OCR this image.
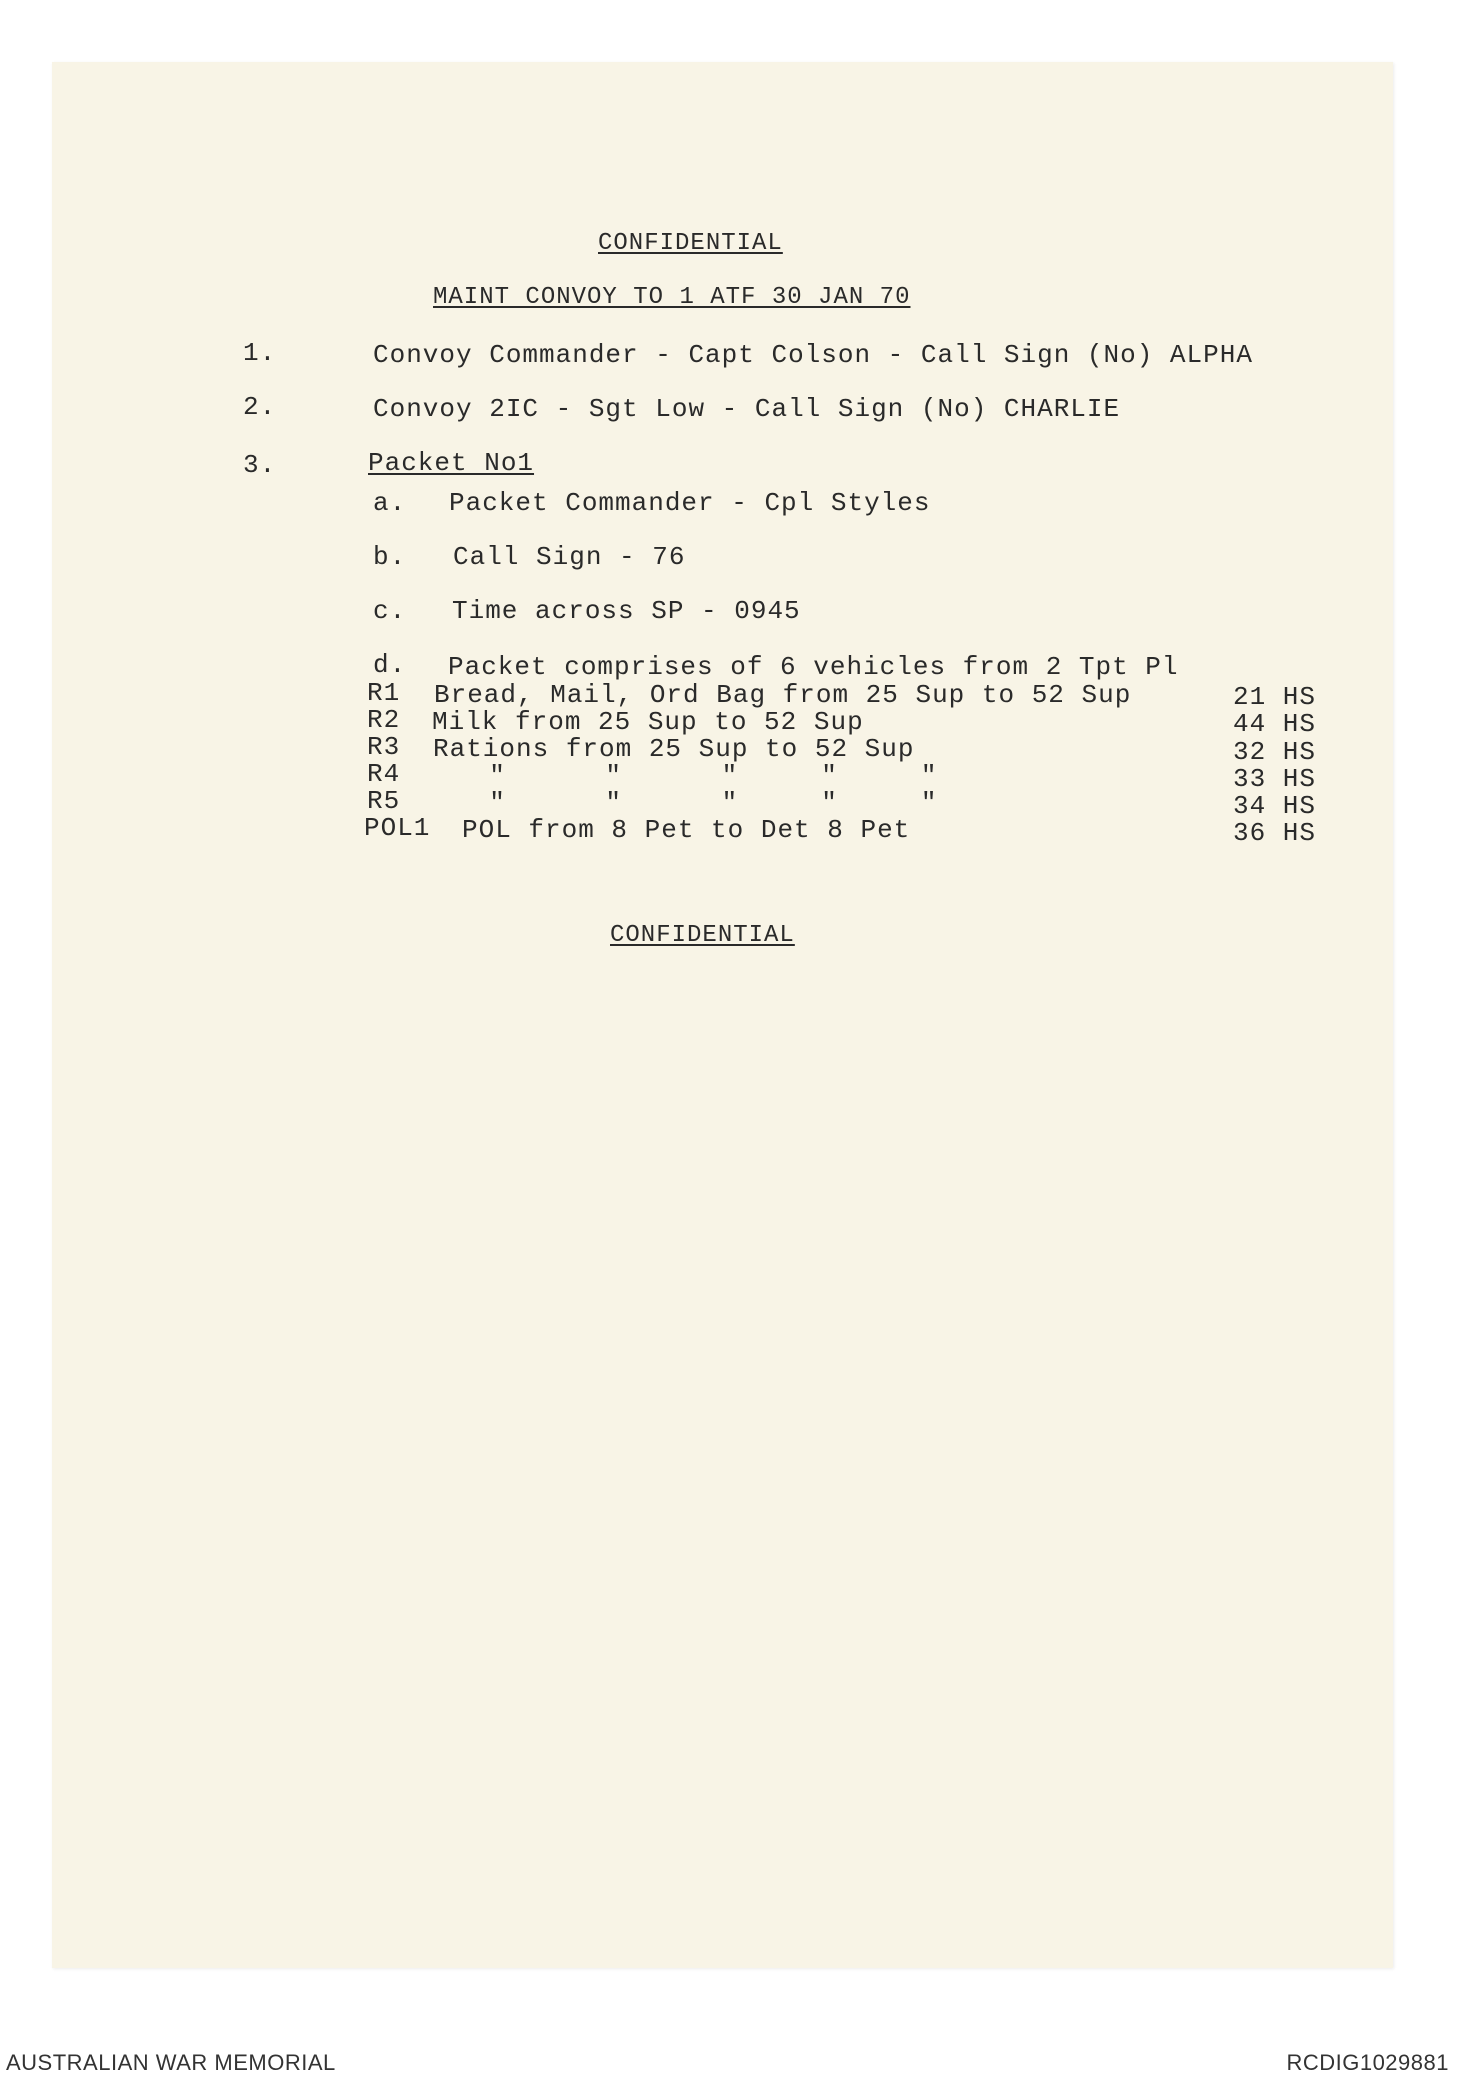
CONFIDENTIAL
MAINT CONVOY TO 1 ATF 30 JAN 70
1.	Convoy Commander - Capt Colson - Call Sign (No) ALPHA
2.	Convoy 2IC - Sgt Low - Call Sign (No) CHARLIE
3.	Packet No1
a. Packet Commander - Cpl Styles
b. Call Sign - 76
c. Time across SP - 0945
d. Packet comprises of 6 vehicles from 2 Tpt Pl
R1 Bread, Mail, Ord Bag from 25 Sup to 52 Sup	21 HS
R2 Milk from 25 Sup to 52 Sup	44 HS
R3 Rations from 25 Sup to 52 Sup	32 HS
R4 "      "      "     "     "	33 HS
R5 "      "      "     "     "	34 HS
POL1 POL from 8 Pet to Det 8 Pet	36 HS
CONFIDENTIAL
AUSTRALIAN WAR MEMORIAL	RCDIG1029881
